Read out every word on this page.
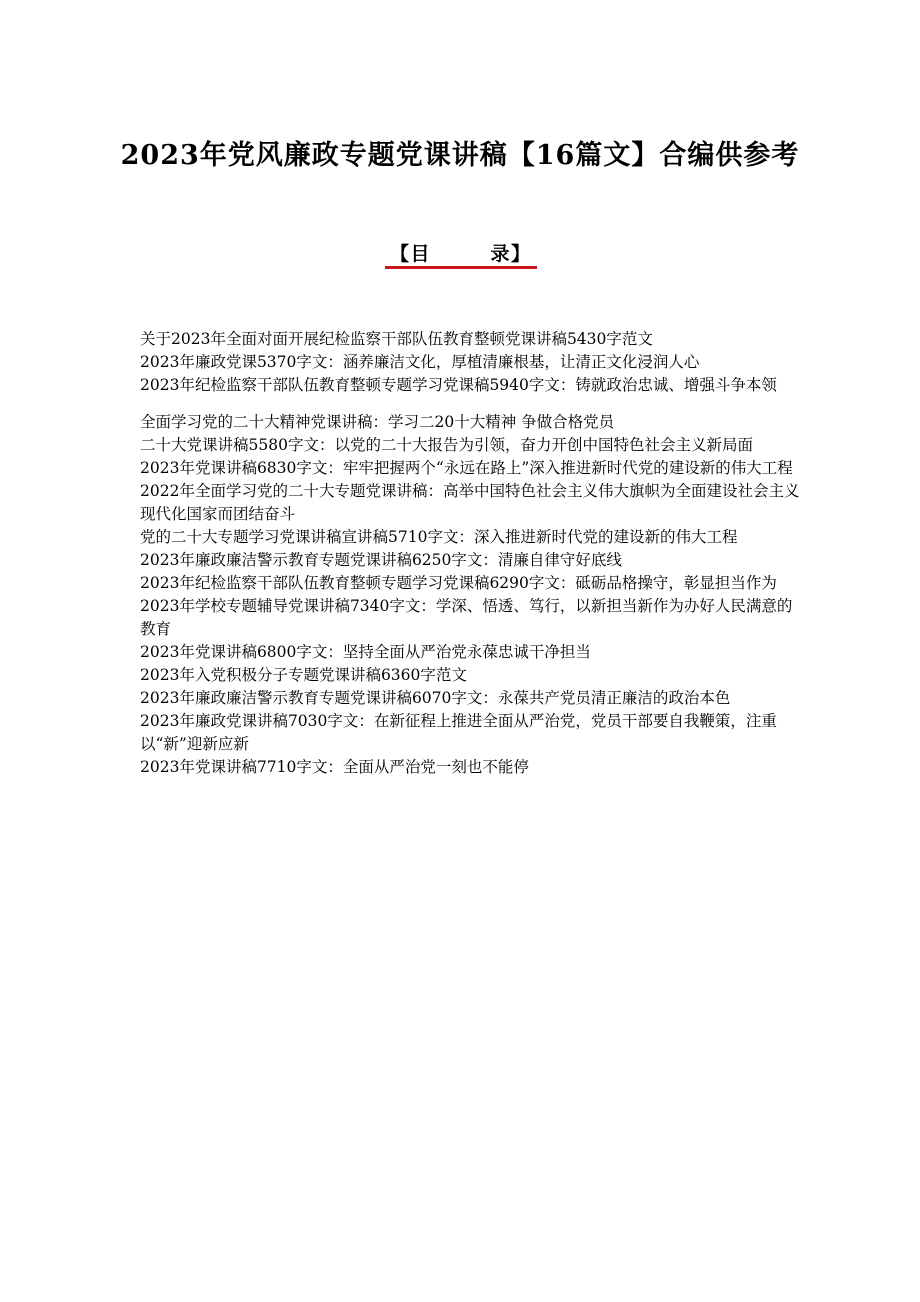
2023年党风廉政专题党课讲稿【16篇文】合编供参考
【目	录】
关于2023年全面对面开展纪检监察干部队伍教育整顿党课讲稿5430字范文
2023年廉政党课5370字文：涵养廉洁文化，厚植清廉根基，让清正文化浸润人心
2023年纪检监察干部队伍教育整顿专题学习党课稿5940字文：铸就政治忠诚、增强斗争本领
全面学习党的二十大精神党课讲稿：学习二20十大精神 争做合格党员
二十大党课讲稿5580字文：以党的二十大报告为引领，奋力开创中国特色社会主义新局面
2023年党课讲稿6830字文：牢牢把握两个“永远在路上”深入推进新时代党的建设新的伟大工程
2022年全面学习党的二十大专题党课讲稿：高举中国特色社会主义伟大旗帜为全面建设社会主义现代化国家而团结奋斗
党的二十大专题学习党课讲稿宣讲稿5710字文：深入推进新时代党的建设新的伟大工程
2023年廉政廉洁警示教育专题党课讲稿6250字文：清廉自律守好底线
2023年纪检监察干部队伍教育整顿专题学习党课稿6290字文：砥砺品格操守，彰显担当作为
2023年学校专题辅导党课讲稿7340字文：学深、悟透、笃行，以新担当新作为办好人民满意的教育
2023年党课讲稿6800字文：坚持全面从严治党永葆忠诚干净担当
2023年入党积极分子专题党课讲稿6360字范文
2023年廉政廉洁警示教育专题党课讲稿6070字文：永葆共产党员清正廉洁的政治本色
2023年廉政党课讲稿7030字文：在新征程上推进全面从严治党，党员干部要自我鞭策，注重以“新”迎新应新
2023年党课讲稿7710字文：全面从严治党一刻也不能停
